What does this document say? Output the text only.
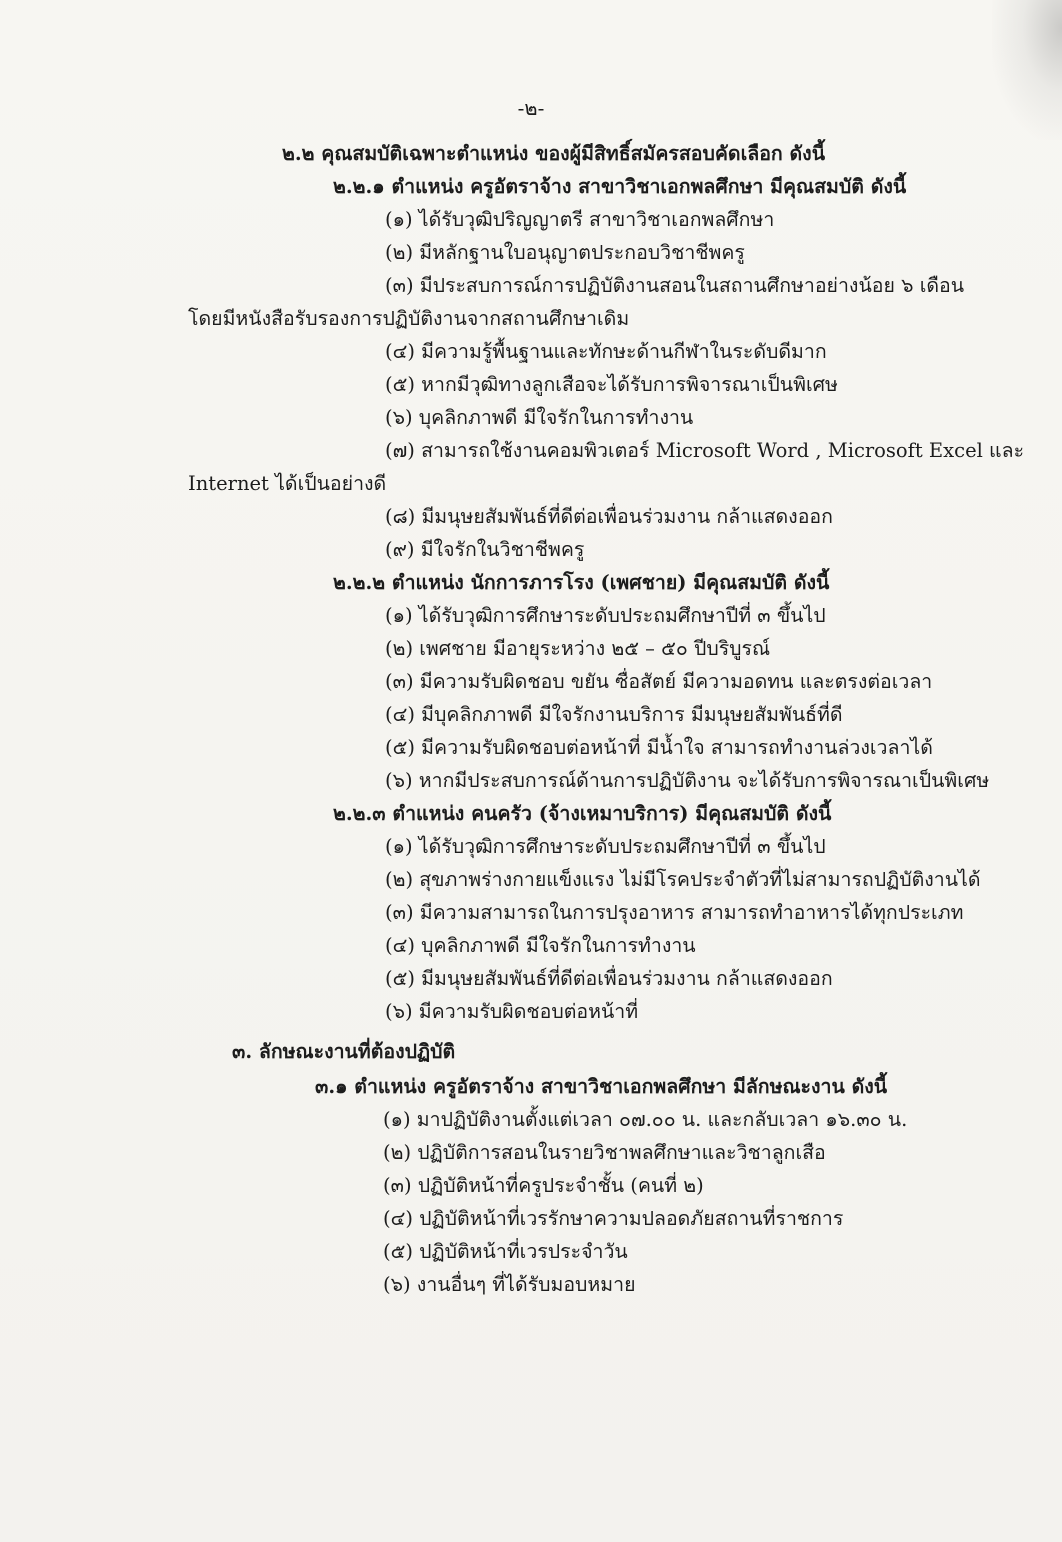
-๒-
๒.๒ คุณสมบัติเฉพาะตำแหน่ง ของผู้มีสิทธิ์สมัครสอบคัดเลือก ดังนี้
๒.๒.๑ ตำแหน่ง ครูอัตราจ้าง สาขาวิชาเอกพลศึกษา มีคุณสมบัติ ดังนี้
(๑) ได้รับวุฒิปริญญาตรี สาขาวิชาเอกพลศึกษา
(๒) มีหลักฐานใบอนุญาตประกอบวิชาชีพครู
(๓) มีประสบการณ์การปฏิบัติงานสอนในสถานศึกษาอย่างน้อย ๖ เดือน
โดยมีหนังสือรับรองการปฏิบัติงานจากสถานศึกษาเดิม
(๔) มีความรู้พื้นฐานและทักษะด้านกีฬาในระดับดีมาก
(๕) หากมีวุฒิทางลูกเสือจะได้รับการพิจารณาเป็นพิเศษ
(๖) บุคลิกภาพดี มีใจรักในการทำงาน
(๗) สามารถใช้งานคอมพิวเตอร์ Microsoft Word , Microsoft Excel และ
Internet ได้เป็นอย่างดี
(๘) มีมนุษยสัมพันธ์ที่ดีต่อเพื่อนร่วมงาน กล้าแสดงออก
(๙) มีใจรักในวิชาชีพครู
๒.๒.๒ ตำแหน่ง นักการภารโรง (เพศชาย) มีคุณสมบัติ ดังนี้
(๑) ได้รับวุฒิการศึกษาระดับประถมศึกษาปีที่ ๓ ขึ้นไป
(๒) เพศชาย มีอายุระหว่าง ๒๕ – ๕๐ ปีบริบูรณ์
(๓) มีความรับผิดชอบ ขยัน ซื่อสัตย์ มีความอดทน และตรงต่อเวลา
(๔) มีบุคลิกภาพดี มีใจรักงานบริการ มีมนุษยสัมพันธ์ที่ดี
(๕) มีความรับผิดชอบต่อหน้าที่ มีน้ำใจ สามารถทำงานล่วงเวลาได้
(๖) หากมีประสบการณ์ด้านการปฏิบัติงาน จะได้รับการพิจารณาเป็นพิเศษ
๒.๒.๓ ตำแหน่ง คนครัว (จ้างเหมาบริการ) มีคุณสมบัติ ดังนี้
(๑) ได้รับวุฒิการศึกษาระดับประถมศึกษาปีที่ ๓ ขึ้นไป
(๒) สุขภาพร่างกายแข็งแรง ไม่มีโรคประจำตัวที่ไม่สามารถปฏิบัติงานได้
(๓) มีความสามารถในการปรุงอาหาร สามารถทำอาหารได้ทุกประเภท
(๔) บุคลิกภาพดี มีใจรักในการทำงาน
(๕) มีมนุษยสัมพันธ์ที่ดีต่อเพื่อนร่วมงาน กล้าแสดงออก
(๖) มีความรับผิดชอบต่อหน้าที่
๓. ลักษณะงานที่ต้องปฏิบัติ
๓.๑ ตำแหน่ง ครูอัตราจ้าง สาขาวิชาเอกพลศึกษา มีลักษณะงาน ดังนี้
(๑) มาปฏิบัติงานตั้งแต่เวลา ๐๗.๐๐ น. และกลับเวลา ๑๖.๓๐ น.
(๒) ปฏิบัติการสอนในรายวิชาพลศึกษาและวิชาลูกเสือ
(๓) ปฏิบัติหน้าที่ครูประจำชั้น (คนที่ ๒)
(๔) ปฏิบัติหน้าที่เวรรักษาความปลอดภัยสถานที่ราชการ
(๕) ปฏิบัติหน้าที่เวรประจำวัน
(๖) งานอื่นๆ ที่ได้รับมอบหมาย
